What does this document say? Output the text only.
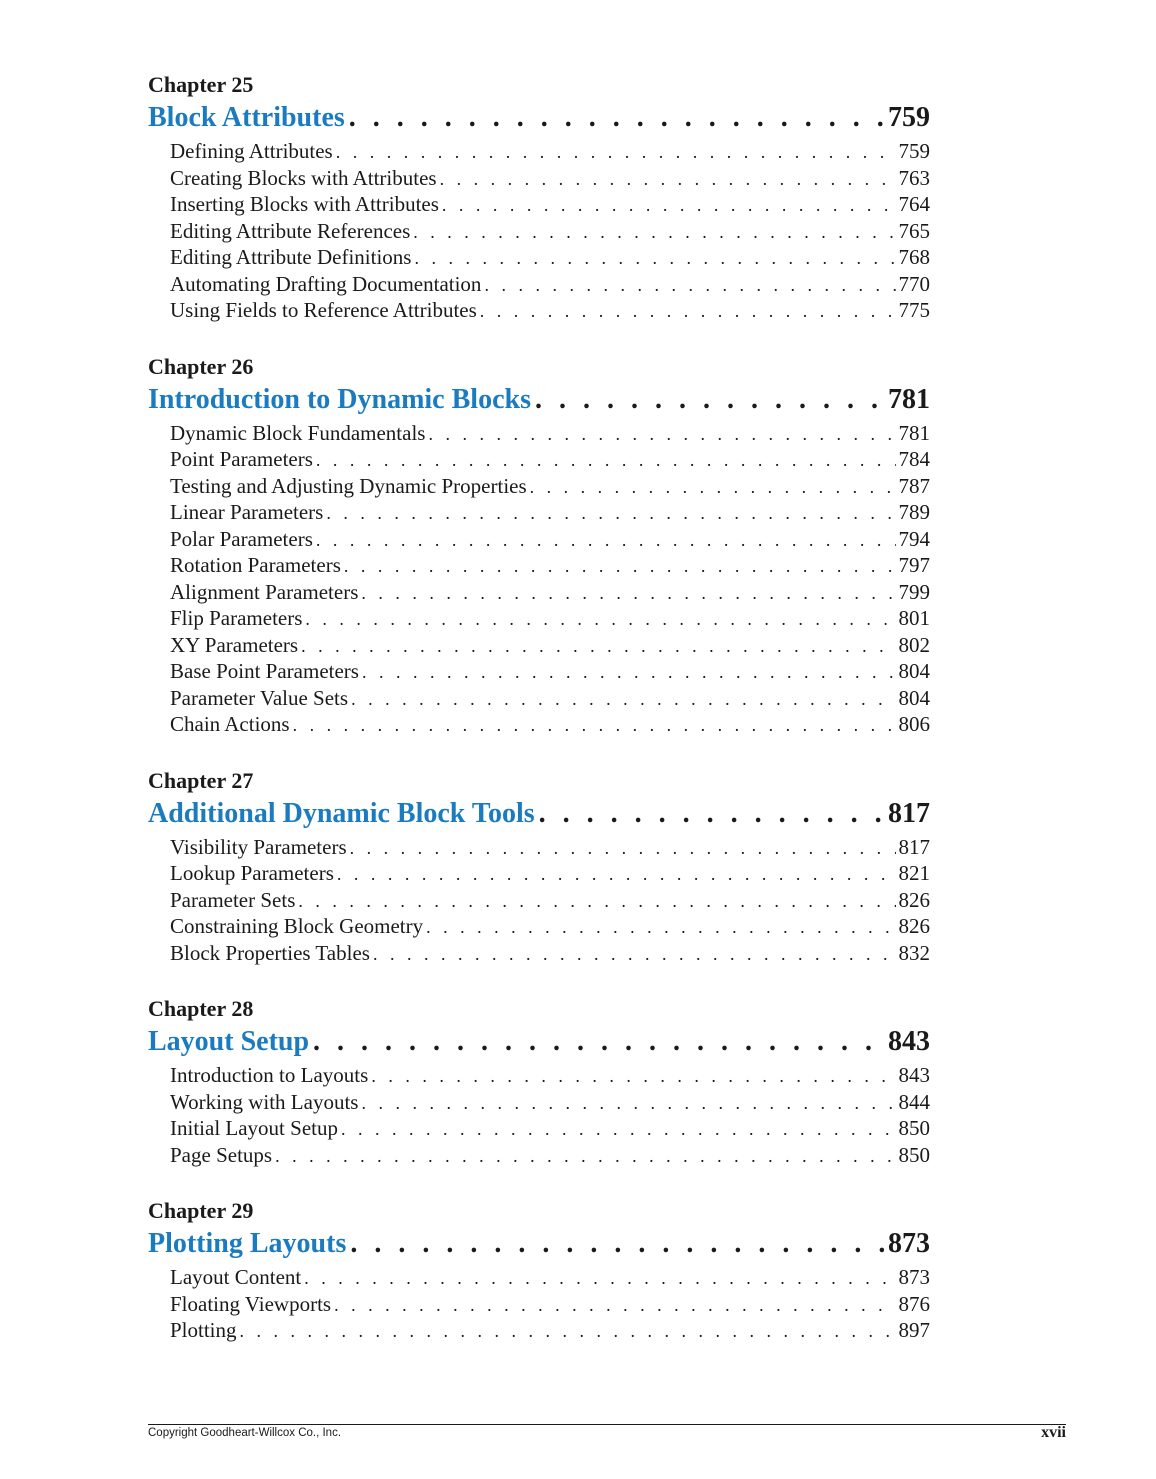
Chapter 25
Block Attributes . . .	759
Defining Attributes . . .	759
Creating Blocks with Attributes . . .	763
Inserting Blocks with Attributes . . .	764
Editing Attribute References . . .	765
Editing Attribute Definitions . . .	768
Automating Drafting Documentation . . .	770
Using Fields to Reference Attributes . . .	775
Chapter 26
Introduction to Dynamic Blocks . . .	781
Dynamic Block Fundamentals . . .	781
Point Parameters . . .	784
Testing and Adjusting Dynamic Properties . . .	787
Linear Parameters . . .	789
Polar Parameters . . .	794
Rotation Parameters . . .	797
Alignment Parameters . . .	799
Flip Parameters . . .	801
XY Parameters . . .	802
Base Point Parameters . . .	804
Parameter Value Sets . . .	804
Chain Actions . . .	806
Chapter 27
Additional Dynamic Block Tools . . .	817
Visibility Parameters . . .	817
Lookup Parameters . . .	821
Parameter Sets . . .	826
Constraining Block Geometry . . .	826
Block Properties Tables . . .	832
Chapter 28
Layout Setup . . .	843
Introduction to Layouts . . .	843
Working with Layouts . . .	844
Initial Layout Setup . . .	850
Page Setups . . .	850
Chapter 29
Plotting Layouts . . .	873
Layout Content . . .	873
Floating Viewports . . .	876
Plotting . . .	897
Copyright Goodheart-Willcox Co., Inc.	xvii
